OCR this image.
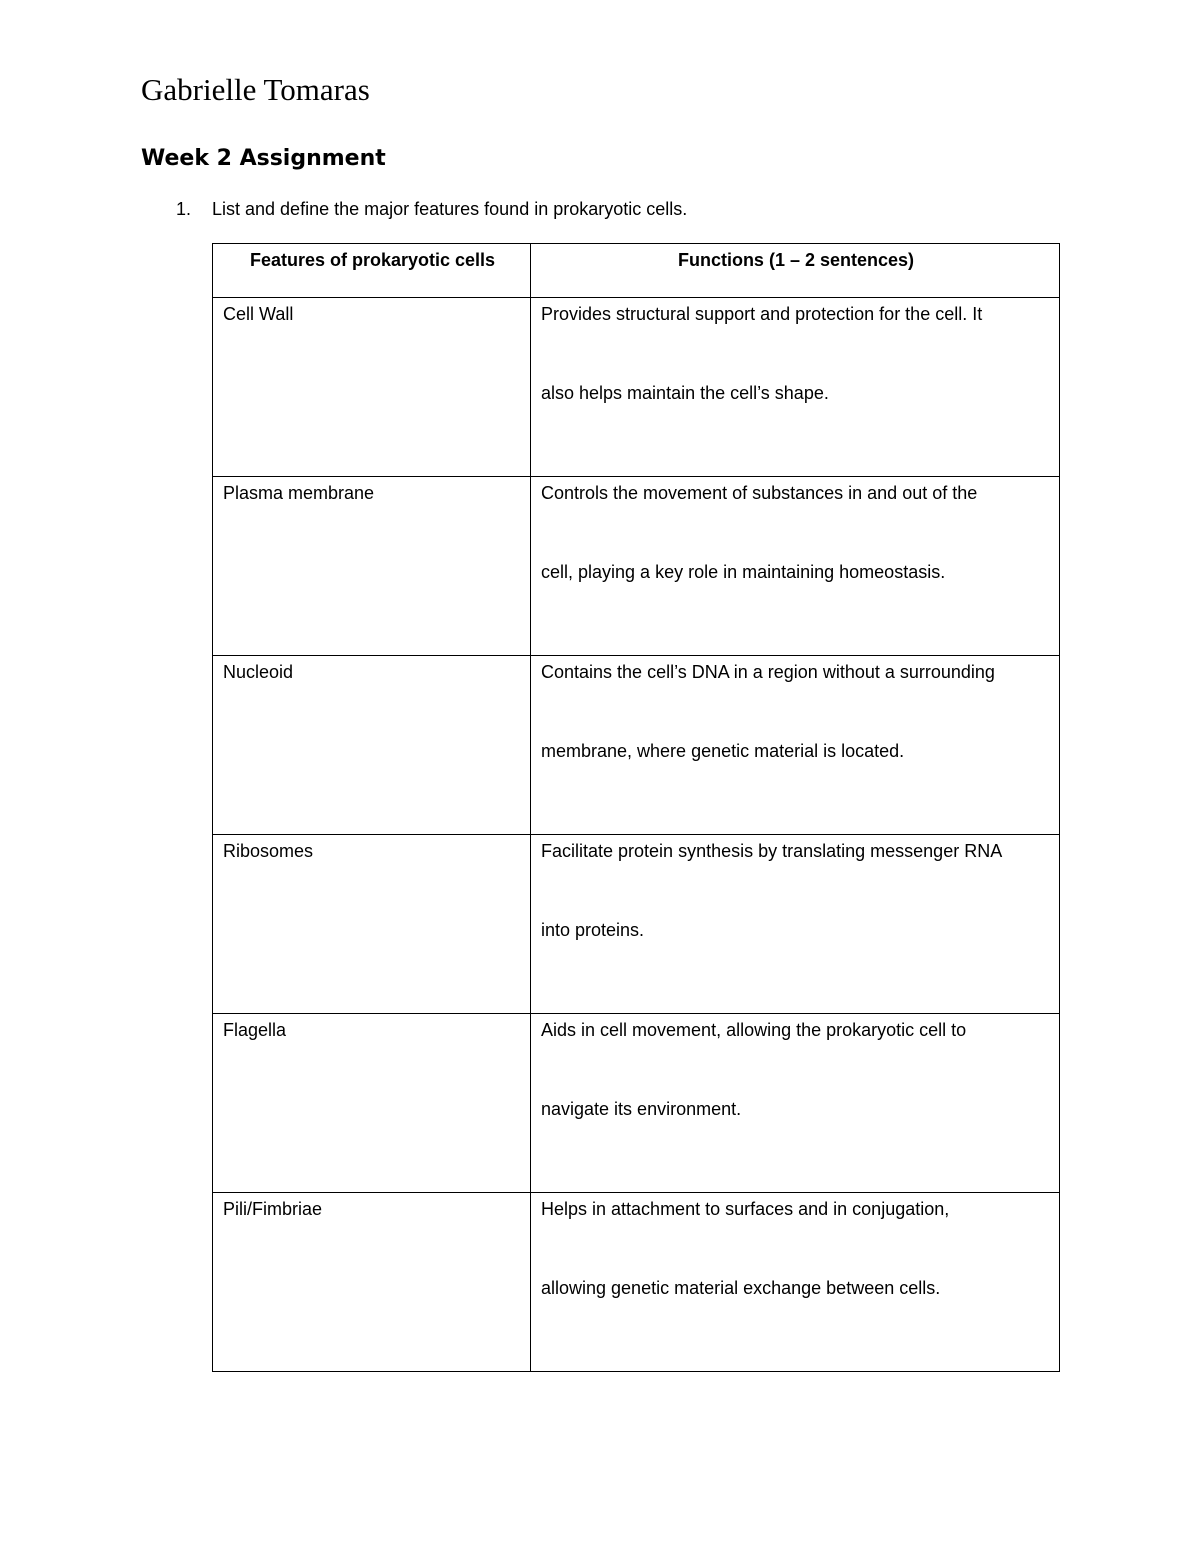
Gabrielle Tomaras
Week 2 Assignment

1. List and define the major features found in prokaryotic cells.

Features of prokaryotic cells	Functions (1 – 2 sentences)
Cell Wall	Provides structural support and protection for the cell. It
also helps maintain the cell’s shape.

Plasma membrane	Controls the movement of substances in and out of the
cell, playing a key role in maintaining homeostasis.

Nucleoid	Contains the cell’s DNA in a region without a surrounding
membrane, where genetic material is located.

Ribosomes	Facilitate protein synthesis by translating messenger RNA
into proteins.

Flagella	Aids in cell movement, allowing the prokaryotic cell to
navigate its environment.

Pili/Fimbriae	Helps in attachment to surfaces and in conjugation,
allowing genetic material exchange between cells.
